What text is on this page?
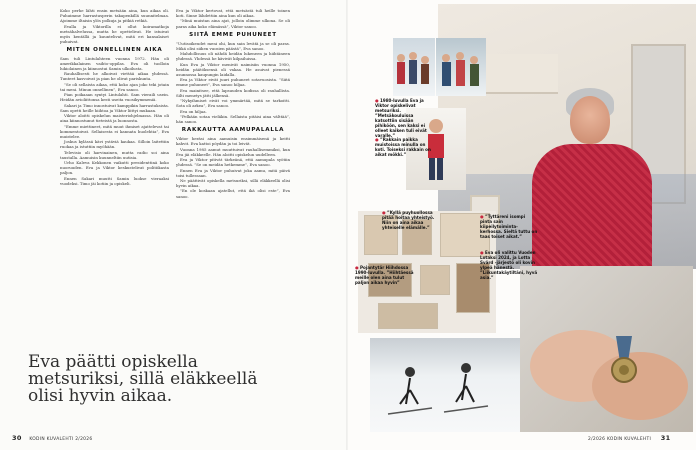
Koko perhe lähti ensin metsään aina, kun aikaa oli. Puhuimme harrastusperin takapenkillä suunnitelmaa. Ajoimme iltaisin ylös polkuja ja pitkiä retkiä.

Evalla ja Viktorilla ei ollut koiramatkoja metsähalvelussa, mutta he opettelivat. He istuivat myös kentällä ja kuuntelivat, mitä eri kansalaiset puhuivat.

MITEN ONNELLINEN AIKA

Sam tuli Lintulahteen vuonna 1972. Hän oli amerikkalainen vaihto-oppilas. Eva oli tuolloin lukiolainen ja kiinnostui Samin ulkoilusta.

Rauhallisesti he alkoivat viettää aikaa yhdessä. Tunteet kasvoivat ja pian he olivat pariskunta.

”Se oli sellaista aikaa, että koko ajan joko teki jotain tai meni. Minun onnellinen”, Eva sanoo.

Pian poikaaan syntyi Lintulahti. Sam vieraili usein. Heidän avioliittonsa kesti useita vuosikymmeniä.

Sakari ja Timo innostuivat kamppikin harrastuksista. Sam opetti heille hiihtoa ja Viktor liittyi mukaan.

Viktor aloitti opiskelun maisteriohjelmassa. Hän oli aina kiinnostunut tieteistä ja luonnosta.

”Emme miettineet, mitä muut ihmiset ajattelevat tai kommentoivat. Sellaisesta ei kannata huolehtia”, Eva muistelee.

Joskus kylässä kävi ystäviä kaukaa. Silloin laitettiin ruokaa ja istuttiin myöhään.

Televisio oli harvinainen, mutta radio soi aina taustalla. Aamuisin kuunneltiin uutisia.

Urho Kaleva Kekkonen vaikutti presidenttinä koko nuoruuden. Eva ja Viktor keskustelivat politiikasta paljon.

Ennen Sakari muutti Samin luokse vieraaksi vuodeksi. Timo jäi kotiin ja opiskeli.

Eva ja Viktor kertovat, että metsästä tuli heille toinen koti. Sinne lähdettiin aina kun oli aikaa.

”Minä muistan aina ajat, jolloin olimme ulkona. Se oli paras aika koko elämässä”, Viktor sanoo.

SIITÄ EMME PUHUNEET

”Uutisoikeudet meni ohi, kun sain levätä ja se oli paras. Mikä olisi siihen vuosien päästä”, Eva sanoo.

Mahdollisuus oli nähdä heidän lukeneen ja hiihtäneen yhdessä. Yhdessä he kävivät kilpailuissa.

Kun Eva ja Viktor menivät naimisiin vuonna 1950, heidän päätöksensä oli vakaa. He asuivat pienessä asunnossa kaupungin laidalla.

Eva ja Viktor eivät juuri puhuneet sotavuosista. ”Siitä emme puhuneet”, Eva sanoo hiljaa.

Eva mainitsee, että lapsuuden kodissa oli rauhallista. Silti menetys jätti jälkensä.

”Nykyihmiset eivät voi ymmärtää, mitä se tarkoitti. Sota oli arkea”, Eva sanoo.

Eva on hiljaa.

”Pelkään sotaa vieläkin. Sellaista pitäisi aina välttää”, hän sanoo.

RAKKAUTTA AAMUPALALLA

Viktor heräsi aina aamuisin ensimmäisenä ja keitti kahvit. Eva kattoi pöydän ja toi leivät.

Vuonna 1985 aamut muuttuivat rauhallisemmiksi, kun Eva jäi eläkkeelle. Hän aloitti opiskelun uudelleen.

Eva ja Viktor pitivät tärkeänä, että aamupala syötiin yhdessä. ”Se on meidän hetkemme”, Eva sanoo.

Ennen Eva ja Viktor puhuivat joka aamu, mitä päivä toisi tullessaan.

Ne päättivät opiskella metsuriksi, sillä eläkkeellä olisi hyvin aikaa.

”En ole koskaan ajatellut, että ikä olisi este”, Eva sanoo.

Eva päätti opiskella metsuriksi, sillä eläkkeellä olisi hyvin aikaa.
30 KODIN KUVALEHTI 2/2026
● 1980-luvulla Eva ja Viktor opiskelivat metsuriksi. ”Metsäkouluissa katsottiin sisään pihiköön, sen kaksi ei olleet kaiken tuli eivät varalle.”
● ”Rakkain paikka muistoissa minulla on koti. Toiseksi rakkain on aikat mökki.”
● ”Kyllä puyhuollossa pitää hoitaa yhteistyö. Niin on aina aikaa yhteiselle elämälle.”
● Pojantytär Hiihdossa 1990-luvulla. ”Hiihtäessä meille olen aina tulut paljon aikaa hyvin”
● ”Tyttäreni isompi pinta sain kiipeilytoiminta-kerhossa. Sieltä tuttu on taas toiset aikat.”
● Eva oli valittu Vuoden Lotaksi 2024, ja Lotta Svärd -järjestö oli kovin ylpeä hänestä. ”Liikuntakäytiltäni, hyvä asia.”
2/2026 KODIN KUVALEHTI 31
